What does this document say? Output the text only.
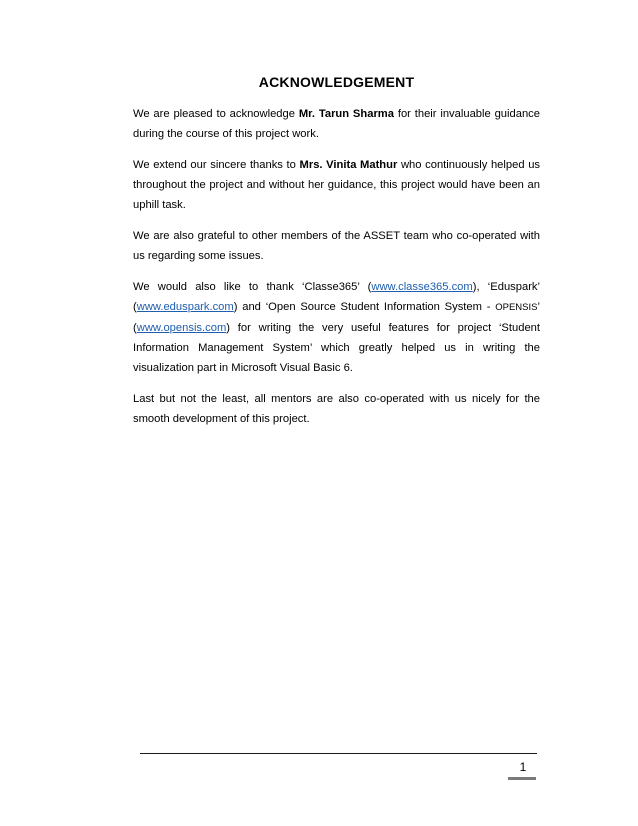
ACKNOWLEDGEMENT

We are pleased to acknowledge Mr. Tarun Sharma for their invaluable guidance during the course of this project work.

We extend our sincere thanks to Mrs. Vinita Mathur who continuously helped us throughout the project and without her guidance, this project would have been an uphill task.

We are also grateful to other members of the ASSET team who co-operated with us regarding some issues.

We would also like to thank ‘Classe365’ (www.classe365.com), ‘Eduspark’ (www.eduspark.com) and ‘Open Source Student Information System - OPENSIS’ (www.opensis.com) for writing the very useful features for project ‘Student Information Management System’ which greatly helped us in writing the visualization part in Microsoft Visual Basic 6.

Last but not the least, all mentors are also co-operated with us nicely for the smooth development of this project.

1
